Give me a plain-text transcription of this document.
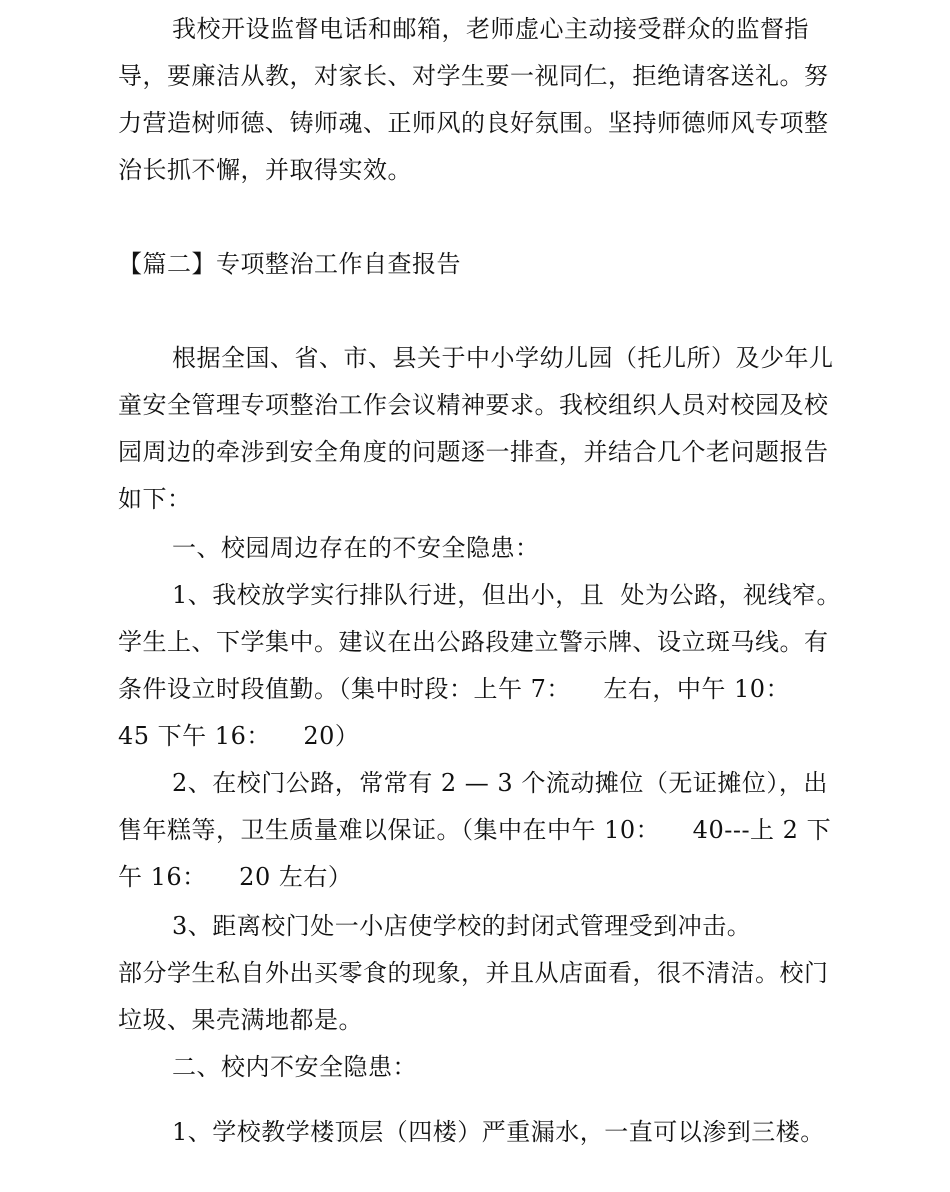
我校开设监督电话和邮箱，老师虚心主动接受群众的监督指
导，要廉洁从教，对家长、对学生要一视同仁，拒绝请客送礼。努
力营造树师德、铸师魂、正师风的良好氛围。坚持师德师风专项整
治长抓不懈，并取得实效。
【篇二】专项整治工作自查报告
根据全国、省、市、县关于中小学幼儿园（托儿所）及少年儿
童安全管理专项整治工作会议精神要求。我校组织人员对校园及校
园周边的牵涉到安全角度的问题逐一排查，并结合几个老问题报告
如下：
一、校园周边存在的不安全隐患：
1、我校放学实行排队行进，但出小，且  处为公路，视线窄。
学生上、下学集中。建议在出公路段建立警示牌、设立斑马线。有
条件设立时段值勤。（集中时段：上午 7：    左右，中午 10：
45 下午 16：    20）
2、在校门公路，常常有 2 — 3 个流动摊位（无证摊位），出
售年糕等，卫生质量难以保证。（集中在中午 10：    40---上 2 下
午 16：    20 左右）
3、距离校门处一小店使学校的封闭式管理受到冲击。
部分学生私自外出买零食的现象，并且从店面看，很不清洁。校门
垃圾、果壳满地都是。
二、校内不安全隐患：
1、学校教学楼顶层（四楼）严重漏水，一直可以渗到三楼。
